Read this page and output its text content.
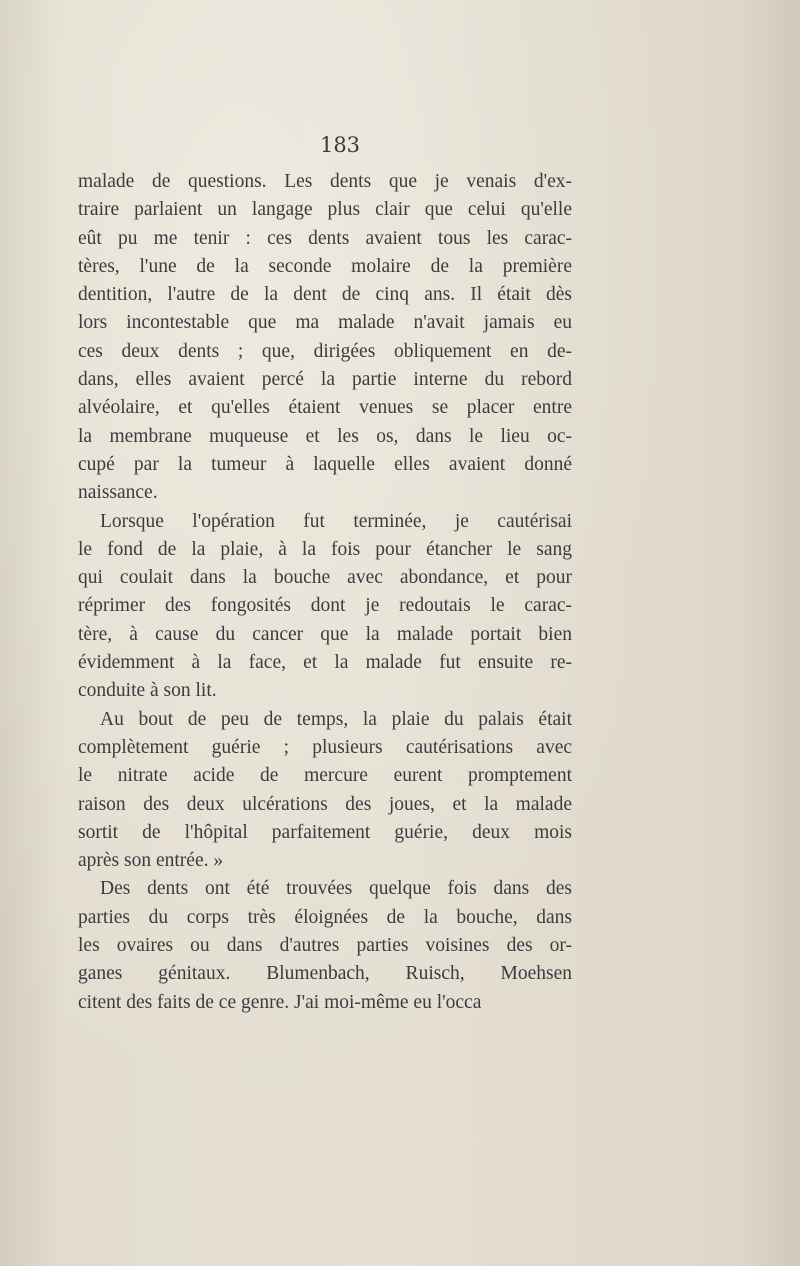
183
malade de questions. Les dents que je venais d'ex-
traire parlaient un langage plus clair que celui qu'elle
eût pu me tenir : ces dents avaient tous les carac-
tères, l'une de la seconde molaire de la première
dentition, l'autre de la dent de cinq ans. Il était dès
lors incontestable que ma malade n'avait jamais eu
ces deux dents ; que, dirigées obliquement en de-
dans, elles avaient percé la partie interne du rebord
alvéolaire, et qu'elles étaient venues se placer entre
la membrane muqueuse et les os, dans le lieu oc-
cupé par la tumeur à laquelle elles avaient donné
naissance.
Lorsque l'opération fut terminée, je cautérisai
le fond de la plaie, à la fois pour étancher le sang
qui coulait dans la bouche avec abondance, et pour
réprimer des fongosités dont je redoutais le carac-
tère, à cause du cancer que la malade portait bien
évidemment à la face, et la malade fut ensuite re-
conduite à son lit.
Au bout de peu de temps, la plaie du palais était
complètement guérie ; plusieurs cautérisations avec
le nitrate acide de mercure eurent promptement
raison des deux ulcérations des joues, et la malade
sortit de l'hôpital parfaitement guérie, deux mois
après son entrée. »
Des dents ont été trouvées quelque fois dans des
parties du corps très éloignées de la bouche, dans
les ovaires ou dans d'autres parties voisines des or-
ganes génitaux. Blumenbach, Ruisch, Moehsen
citent des faits de ce genre. J'ai moi-même eu l'occa
